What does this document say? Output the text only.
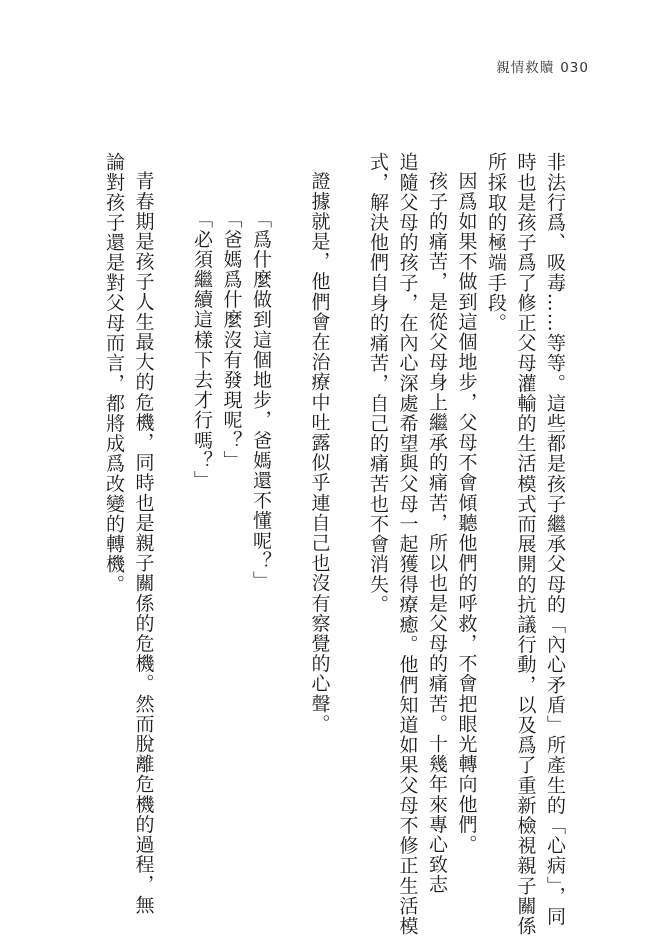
親情救贖 030

非法行爲、吸毒……等等。這些都是孩子繼承父母的「內心矛盾」所產生的「心病」，同

時也是孩子爲了修正父母灌輸的生活模式而展開的抗議行動，以及爲了重新檢視親子關係

所採取的極端手段。

因爲如果不做到這個地步，父母不會傾聽他們的呼救，不會把眼光轉向他們。

孩子的痛苦，是從父母身上繼承的痛苦，所以也是父母的痛苦。十幾年來專心致志

追隨父母的孩子，在內心深處希望與父母一起獲得療癒。他們知道如果父母不修正生活模

式，解決他們自身的痛苦，自己的痛苦也不會消失。

證據就是，他們會在治療中吐露似乎連自己也沒有察覺的心聲。

「爲什麼做到這個地步，爸媽還不懂呢？」

「爸媽爲什麼沒有發現呢？」

「必須繼續這樣下去才行嗎？」

青春期是孩子人生最大的危機，同時也是親子關係的危機。然而脫離危機的過程，無

論對孩子還是對父母而言，都將成爲改變的轉機。
